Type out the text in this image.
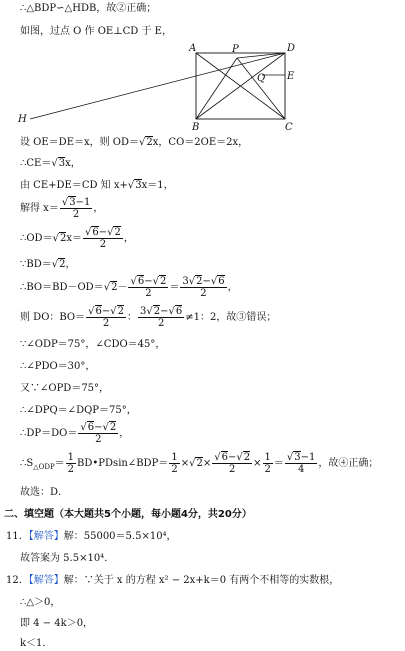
∴△BDP∽△HDB，故②正确；
如图，过点 O 作 OE⊥CD 于 E，
A	D
P
Q E
H
B	C
设 OE＝DE＝x，则 OD＝√2x，CO＝2OE＝2x，
∴CE＝√3x，
由 CE+DE＝CD 知 x+√3x＝1，
解得 $x= \frac{√3-1}{2}$ ，
∴OD＝√2x＝ $\frac{√6-√2}{2}$ ，
∵BD＝√2，
∴BO＝BD－OD＝√2－ $\frac{√6-√2}{2} = \frac{3√2-√6}{2}$ ，
则 DO：$BO= \frac{√6-√2}{2}$ ： $\frac{3√2-√6}{2} \ne 1$：2，故③错误；
∵∠ODP＝75°，∠CDO＝45°，
∴∠PDO＝30°，
又∵∠OPD＝75°，
∴∠DPQ＝∠DQP＝75°，
∴DP＝DO＝ $\frac{√6-√2}{2}$ ，
$\therefore S_{\triangle ODP}= \frac{1}{2}$ BD•PDsin∠BDP＝ $\frac{1}{2} \times√2\times \frac{√6-√2}{2} \times \frac{1}{2} = \frac{√3-1}{4}$ ，故④正确；
故选：D．
二、填空题（本大题共5个小题，每小题4分，共20分）
11．【解答】解：55000＝5.5×10⁴，
故答案为 5.5×10⁴．
12．【解答】解：∵关于 x 的方程 x² − 2x+k＝0 有两个不相等的实数根，
∴△＞0，
即 4 − 4k＞0，
k＜1．
